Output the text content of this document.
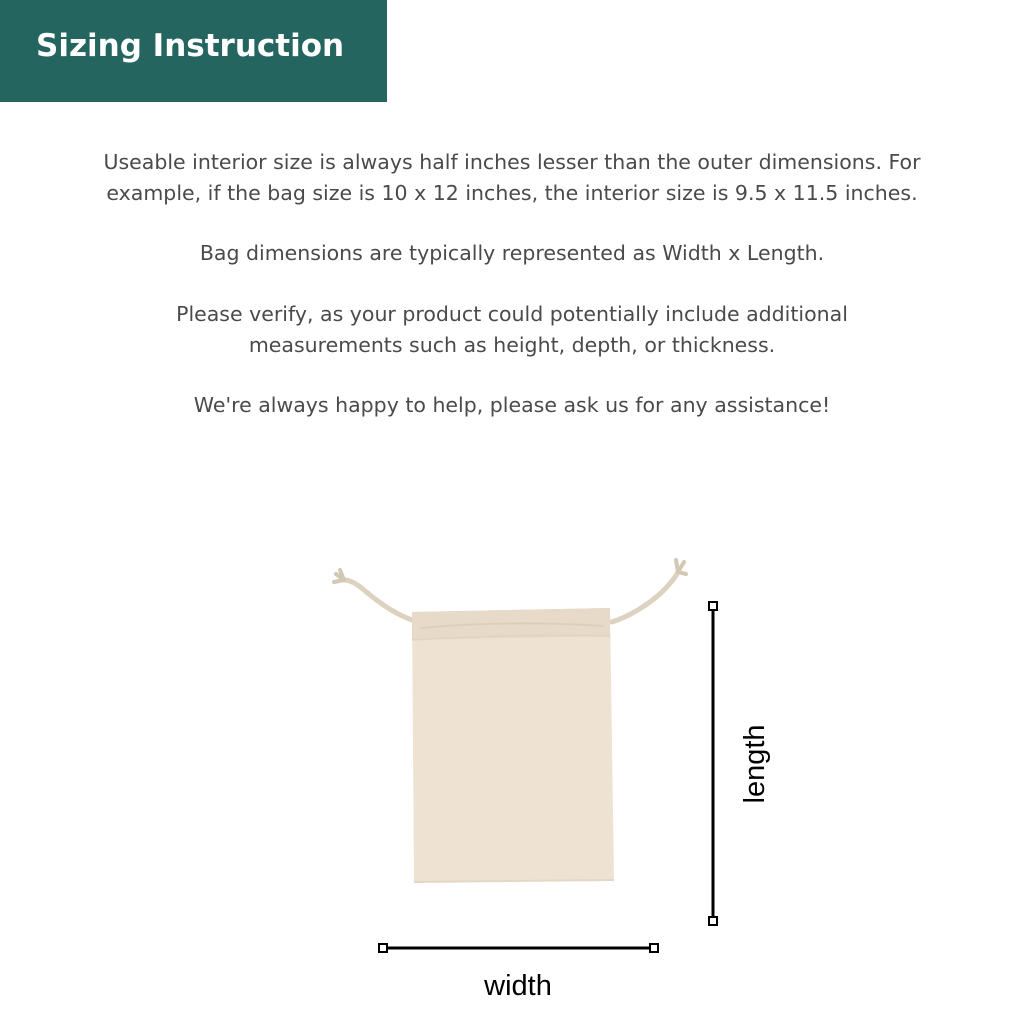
Sizing Instruction
Useable interior size is always half inches lesser than the outer dimensions. For
example, if the bag size is 10 x 12 inches, the interior size is 9.5 x 11.5 inches.
Bag dimensions are typically represented as Width x Length.
Please verify, as your product could potentially include additional
measurements such as height, depth, or thickness.
We're always happy to help, please ask us for any assistance!
length
width
